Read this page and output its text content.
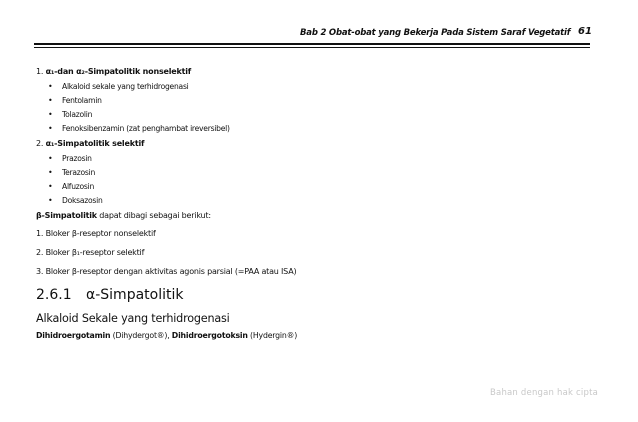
Bab 2 Obat-obat yang Bekerja Pada Sistem Saraf Vegetatif 61
1. α₁-dan α₂-Simpatolitik nonselektif
• Alkaloid sekale yang terhidrogenasi
• Fentolamin
• Tolazolin
• Fenoksibenzamin (zat penghambat ireversibel)
2. α₁-Simpatolitik selektif
• Prazosin
• Terazosin
• Alfuzosin
• Doksazosin
β-Simpatolitik dapat dibagi sebagai berikut:
1. Bloker β-reseptor nonselektif
2. Bloker β₁-reseptor selektif
3. Bloker β-reseptor dengan aktivitas agonis parsial (=PAA atau ISA)
2.6.1 α-Simpatolitik
Alkaloid Sekale yang terhidrogenasi
Dihidroergotamin (Dihydergot®), Dihidroergotoksin (Hydergin®)
Bahan dengan hak cipta
